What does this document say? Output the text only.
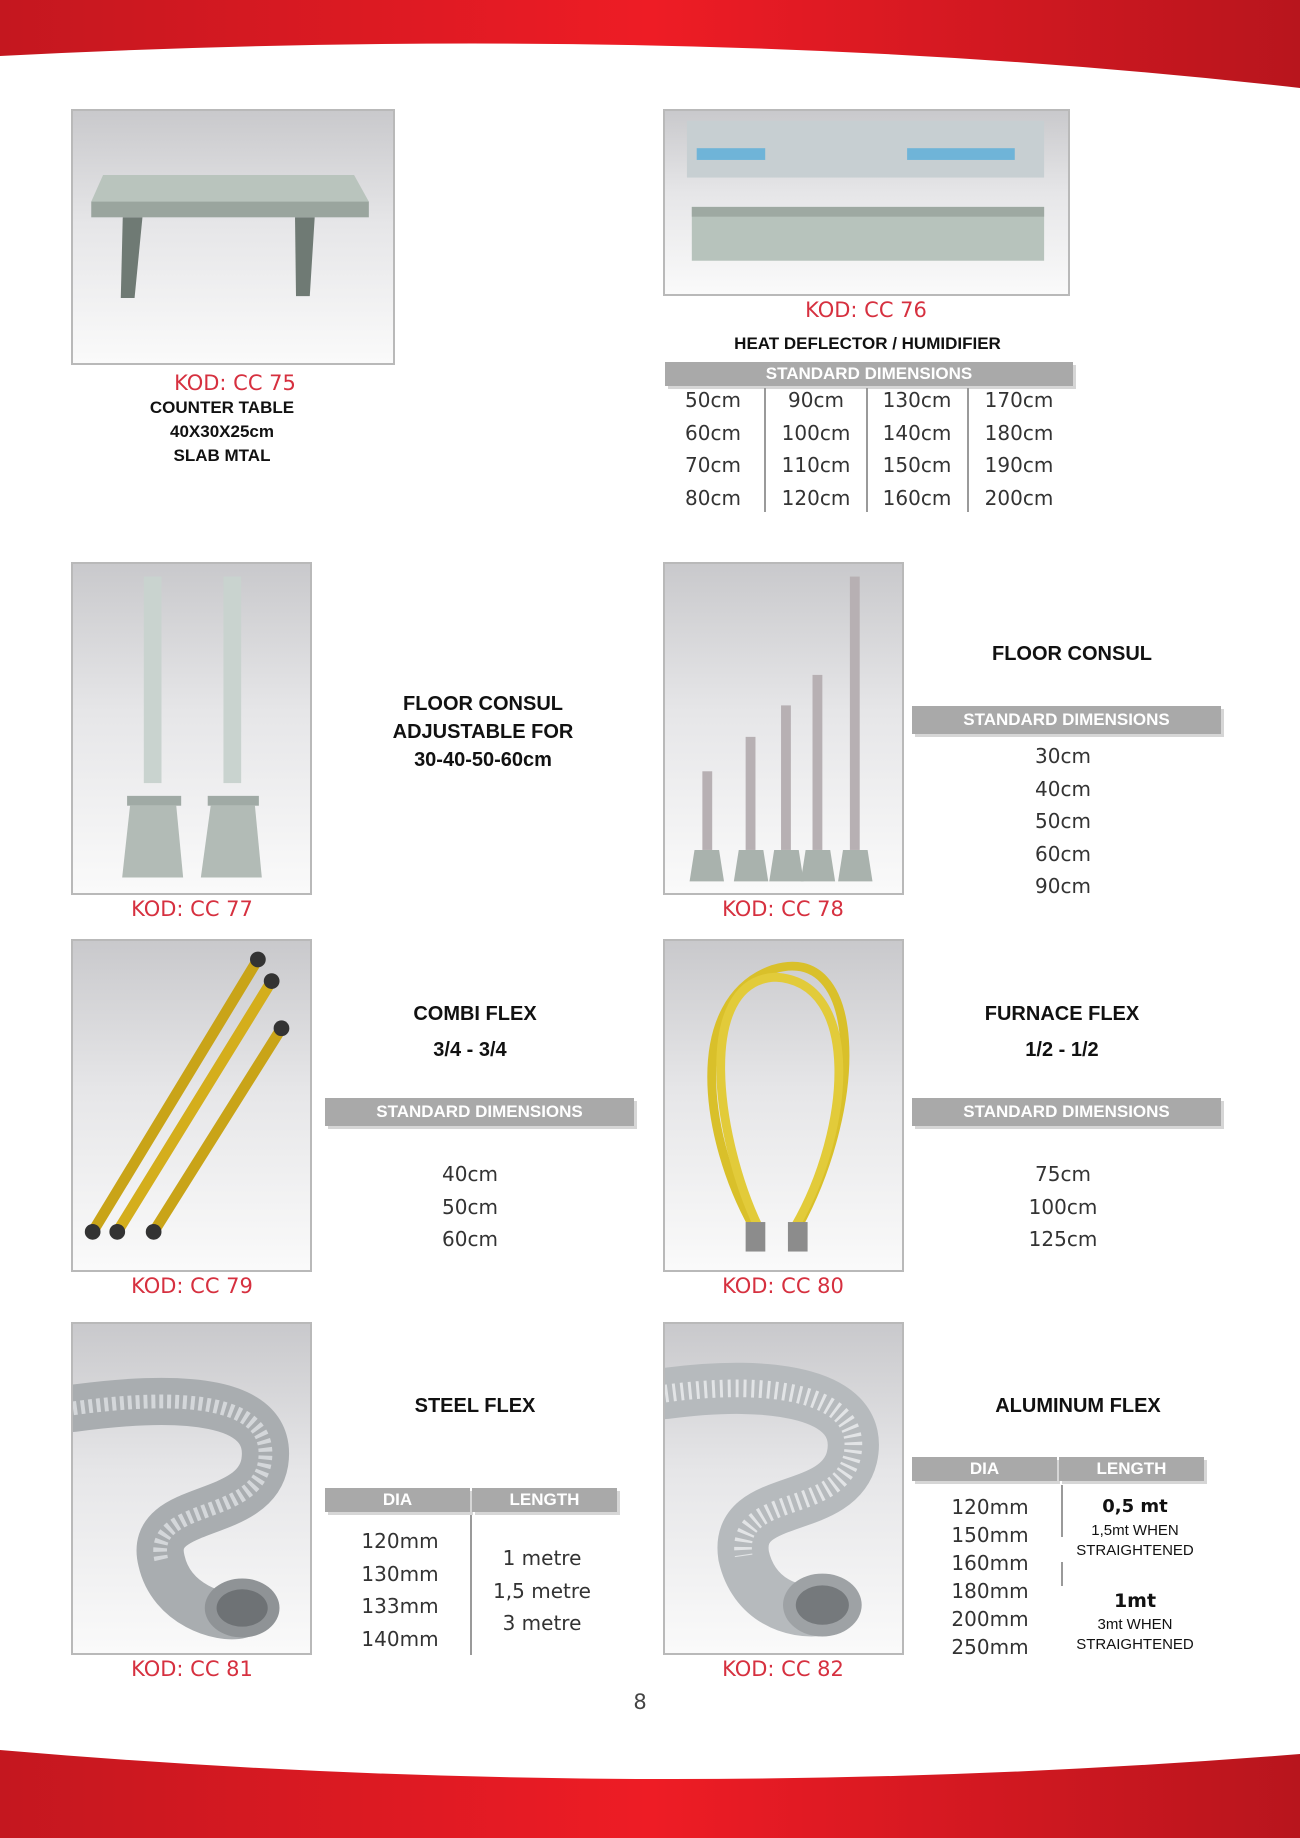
KOD: CC 75
COUNTER TABLE
40X30X25cm
SLAB MTAL
KOD: CC 76
HEAT DEFLECTOR / HUMIDIFIER
STANDARD DIMENSIONS
50cm
60cm
70cm
80cm
90cm
100cm
110cm
120cm
130cm
140cm
150cm
160cm
170cm
180cm
190cm
200cm
KOD: CC 77
FLOOR CONSUL
ADJUSTABLE FOR
30-40-50-60cm
KOD: CC 78
FLOOR CONSUL
STANDARD DIMENSIONS
30cm
40cm
50cm
60cm
90cm
KOD: CC 79
COMBI FLEX
3/4 - 3/4
STANDARD DIMENSIONS
40cm
50cm
60cm
KOD: CC 80
FURNACE FLEX
1/2 - 1/2
STANDARD DIMENSIONS
75cm
100cm
125cm
KOD: CC 81
STEEL FLEX
DIA	LENGTH
120mm
130mm
133mm
140mm
1 metre
1,5 metre
3 metre
KOD: CC 82
ALUMINUM FLEX
DIA	LENGTH
120mm
150mm
160mm
180mm
200mm
250mm
0,5 mt
1,5mt WHEN
STRAIGHTENED
1mt
3mt WHEN
STRAIGHTENED
8
